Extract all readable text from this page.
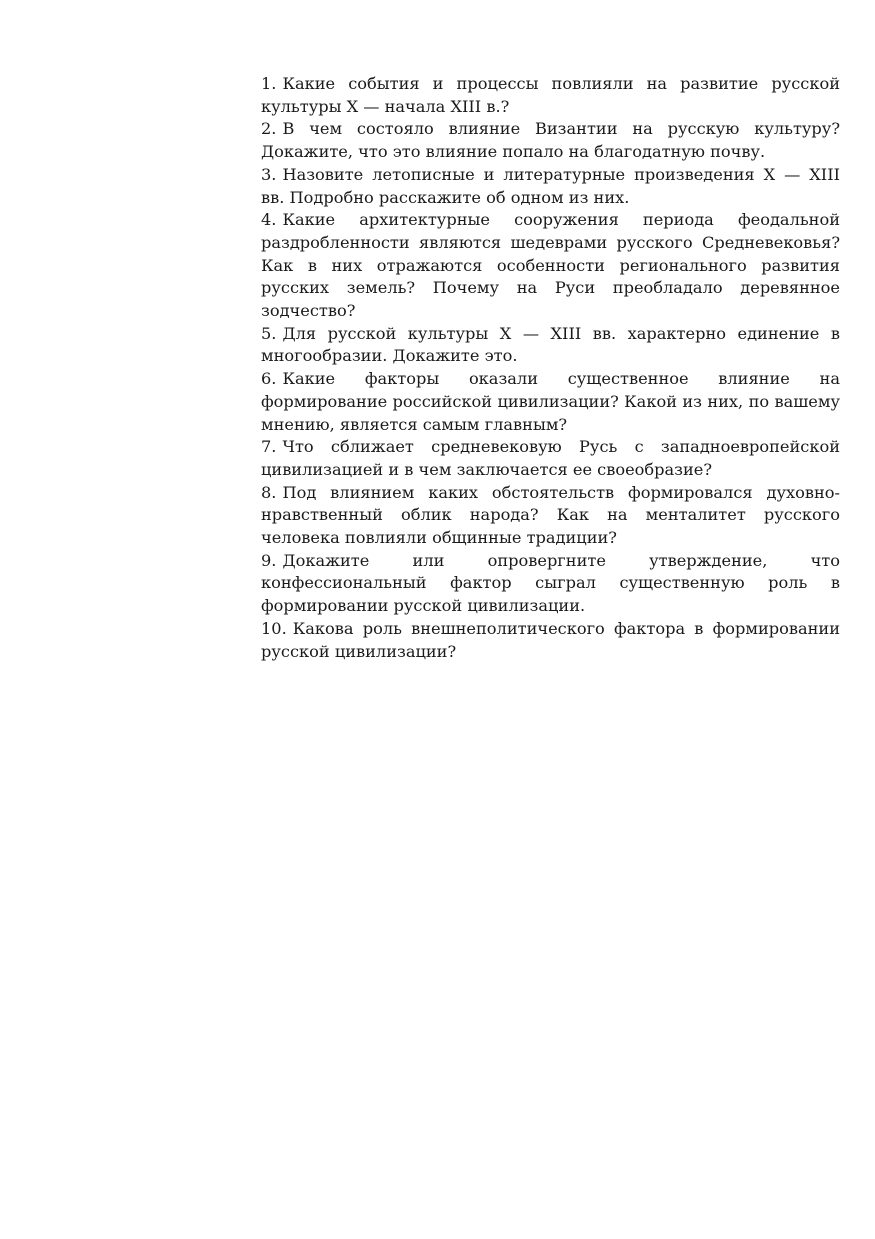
1. Какие события и процессы повлияли на развитие русской культуры X — начала XIII в.?
2. В чем состояло влияние Византии на русскую культуру? Докажите, что это влияние попало на благодатную почву.
3. Назовите летописные и литературные произведения X — XIII вв. Подробно расскажите об одном из них.
4. Какие архитектурные сооружения периода феодальной раздробленности являются шедеврами русского Средневековья? Как в них отражаются особенности регионального развития русских земель? Почему на Руси преобладало деревянное зодчество?
5. Для русской культуры X — XIII вв. характерно единение в многообразии. Докажите это.
6. Какие факторы оказали существенное влияние на формирование российской цивилизации? Какой из них, по вашему мнению, является самым главным?
7. Что сближает средневековую Русь с западноевропейской цивилизацией и в чем заключается ее своеобразие?
8. Под влиянием каких обстоятельств формировался духовно-нравственный облик народа? Как на менталитет русского человека повлияли общинные традиции?
9. Докажите или опровергните утверждение, что конфессиональный фактор сыграл существенную роль в формировании русской цивилизации.
10. Какова роль внешнеполитического фактора в формировании русской цивилизации?
